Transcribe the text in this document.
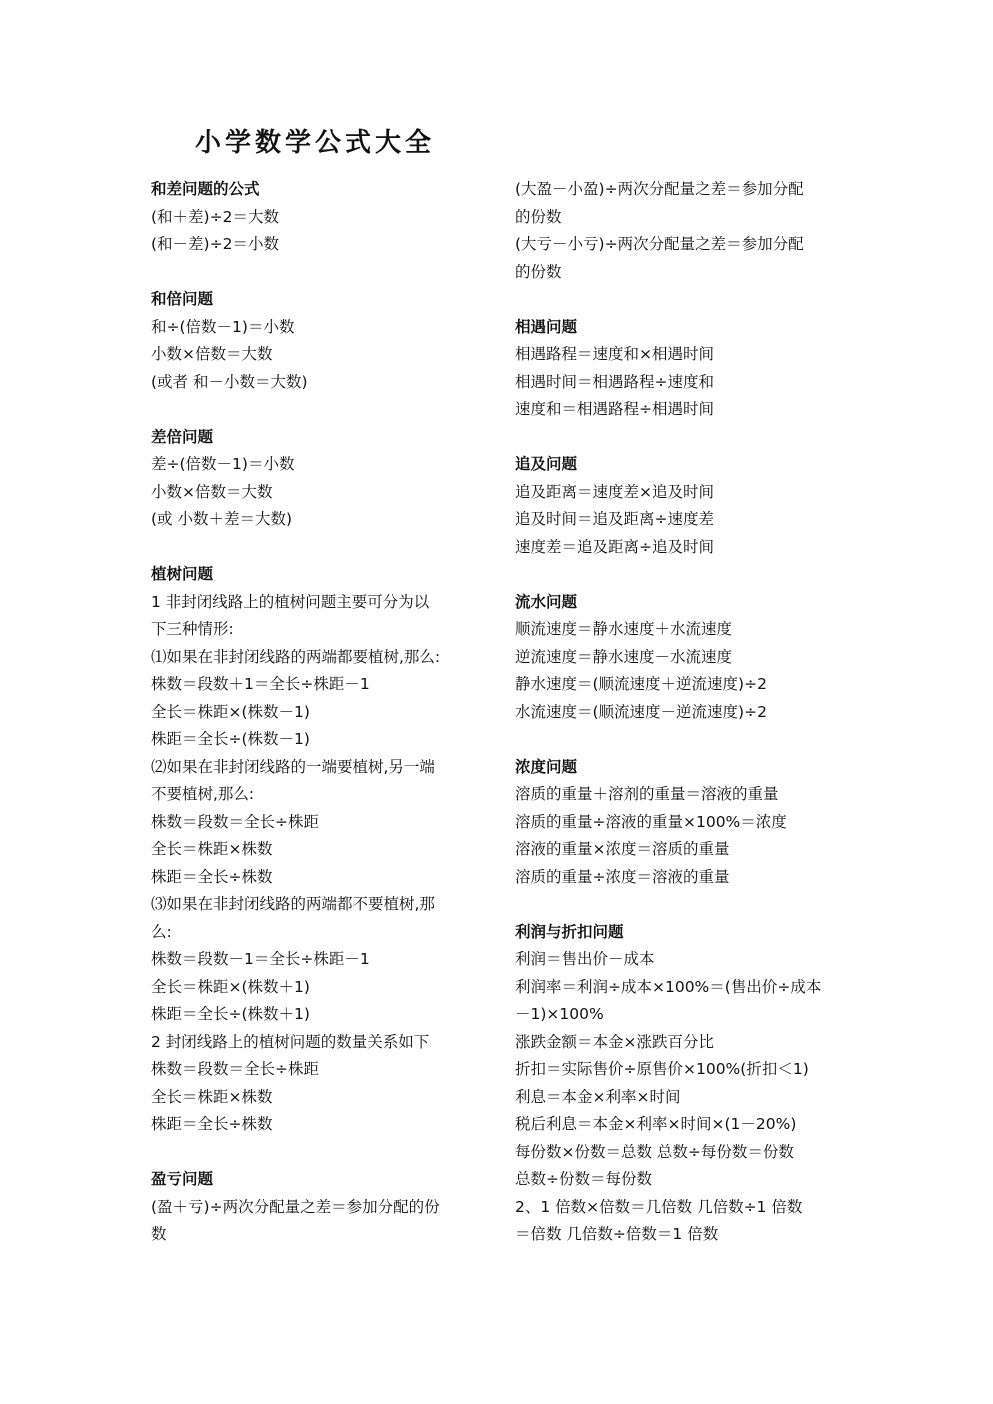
小学数学公式大全
和差问题的公式
(和＋差)÷2＝大数
(和－差)÷2＝小数
和倍问题
和÷(倍数－1)＝小数
小数×倍数＝大数
(或者 和－小数＝大数)
差倍问题
差÷(倍数－1)＝小数
小数×倍数＝大数
(或 小数＋差＝大数)
植树问题
1 非封闭线路上的植树问题主要可分为以
下三种情形:
⑴如果在非封闭线路的两端都要植树,那么:
株数＝段数＋1＝全长÷株距－1
全长＝株距×(株数－1)
株距＝全长÷(株数－1)
⑵如果在非封闭线路的一端要植树,另一端
不要植树,那么:
株数＝段数＝全长÷株距
全长＝株距×株数
株距＝全长÷株数
⑶如果在非封闭线路的两端都不要植树,那
么:
株数＝段数－1＝全长÷株距－1
全长＝株距×(株数＋1)
株距＝全长÷(株数＋1)
2 封闭线路上的植树问题的数量关系如下
株数＝段数＝全长÷株距
全长＝株距×株数
株距＝全长÷株数
盈亏问题
(盈＋亏)÷两次分配量之差＝参加分配的份
数
(大盈－小盈)÷两次分配量之差＝参加分配
的份数
(大亏－小亏)÷两次分配量之差＝参加分配
的份数
相遇问题
相遇路程＝速度和×相遇时间
相遇时间＝相遇路程÷速度和
速度和＝相遇路程÷相遇时间
追及问题
追及距离＝速度差×追及时间
追及时间＝追及距离÷速度差
速度差＝追及距离÷追及时间
流水问题
顺流速度＝静水速度＋水流速度
逆流速度＝静水速度－水流速度
静水速度＝(顺流速度＋逆流速度)÷2
水流速度＝(顺流速度－逆流速度)÷2
浓度问题
溶质的重量＋溶剂的重量＝溶液的重量
溶质的重量÷溶液的重量×100%＝浓度
溶液的重量×浓度＝溶质的重量
溶质的重量÷浓度＝溶液的重量
利润与折扣问题
利润＝售出价－成本
利润率＝利润÷成本×100%＝(售出价÷成本
－1)×100%
涨跌金额＝本金×涨跌百分比
折扣＝实际售价÷原售价×100%(折扣＜1)
利息＝本金×利率×时间
税后利息＝本金×利率×时间×(1－20%)
每份数×份数＝总数 总数÷每份数＝份数
总数÷份数＝每份数
2、1 倍数×倍数＝几倍数 几倍数÷1 倍数
＝倍数 几倍数÷倍数＝1 倍数
